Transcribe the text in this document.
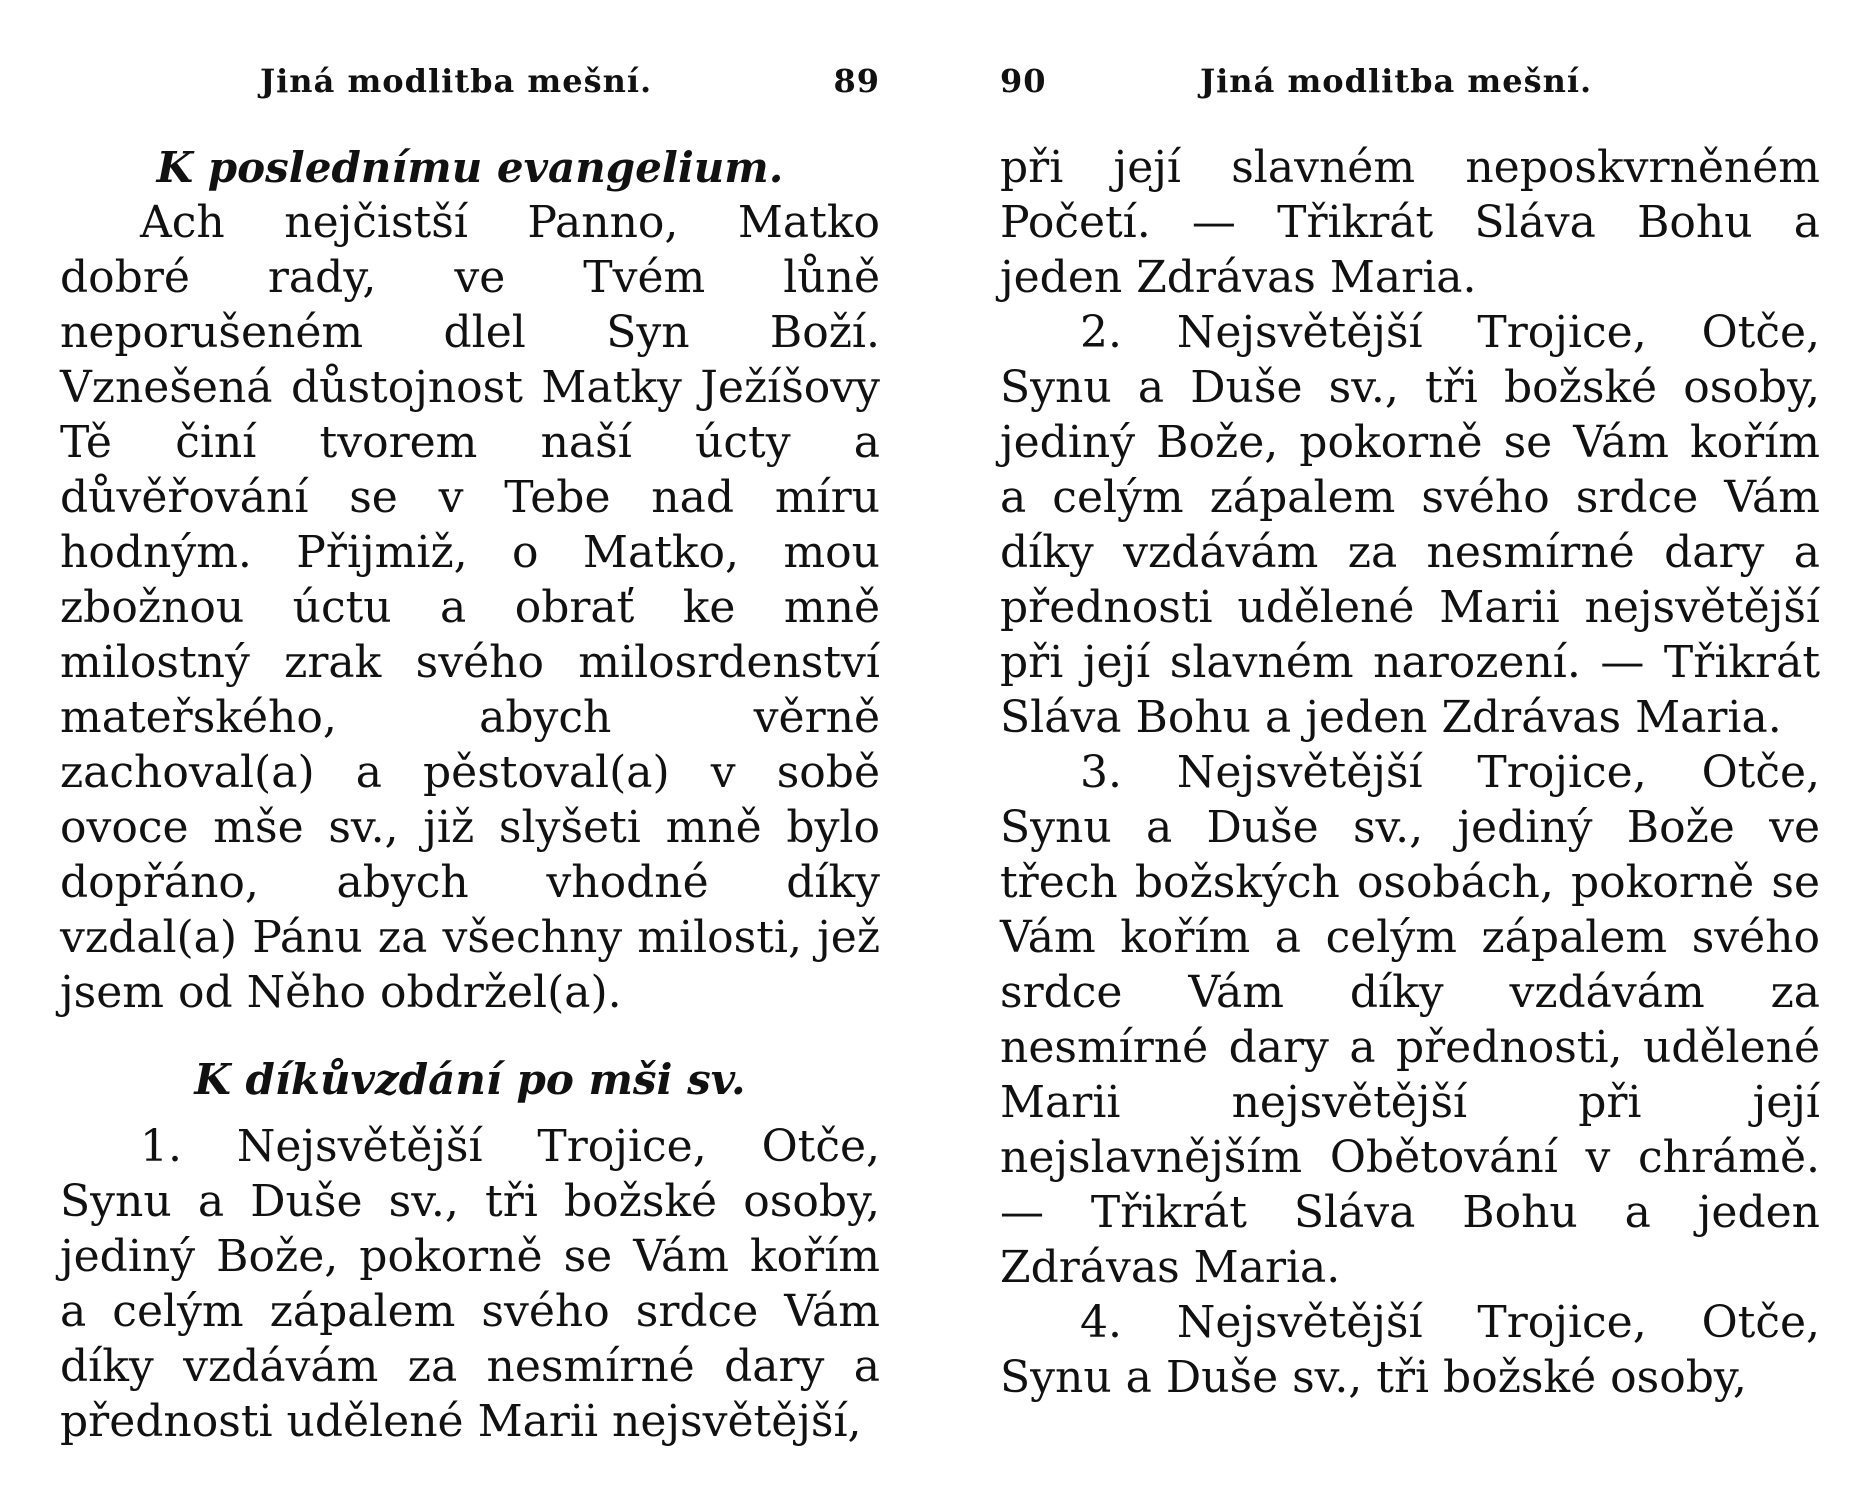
Jiná modlitba mešní.	89
K poslednímu evangelium.

Ach nejčistší Panno, Matko dobré rady, ve Tvém lůně neporušeném dlel Syn Boží. Vznešená důstojnost Matky Ježíšovy Tě činí tvorem naší úcty a důvěřování se v Tebe nad míru hodným. Přijmiž, o Matko, mou zbožnou úctu a obrať ke mně milostný zrak svého milosrdenství mateřského, abych věrně zachoval(a) a pěstoval(a) v sobě ovoce mše sv., již slyšeti mně bylo dopřáno, abych vhodné díky vzdal(a) Pánu za všechny milosti, jež jsem od Něho obdržel(a).

K díkůvzdání po mši sv.

1. Nejsvětější Trojice, Otče, Synu a Duše sv., tři božské osoby, jediný Bože, pokorně se Vám kořím a celým zápalem svého srdce Vám díky vzdávám za nesmírné dary a přednosti udělené Marii nejsvětější,

90	Jiná modlitba mešní.

při její slavném neposkvrněném Početí. — Třikrát Sláva Bohu a jeden Zdrávas Maria.

2. Nejsvětější Trojice, Otče, Synu a Duše sv., tři božské osoby, jediný Bože, pokorně se Vám kořím a celým zápalem svého srdce Vám díky vzdávám za nesmírné dary a přednosti udělené Marii nejsvětější při její slavném narození. — Třikrát Sláva Bohu a jeden Zdrávas Maria.

3. Nejsvětější Trojice, Otče, Synu a Duše sv., jediný Bože ve třech božských osobách, pokorně se Vám kořím a celým zápalem svého srdce Vám díky vzdávám za nesmírné dary a přednosti, udělené Marii nejsvětější při její nejslavnějším Obětování v chrámě. — Třikrát Sláva Bohu a jeden Zdrávas Maria.

4. Nejsvětější Trojice, Otče, Synu a Duše sv., tři božské osoby,
